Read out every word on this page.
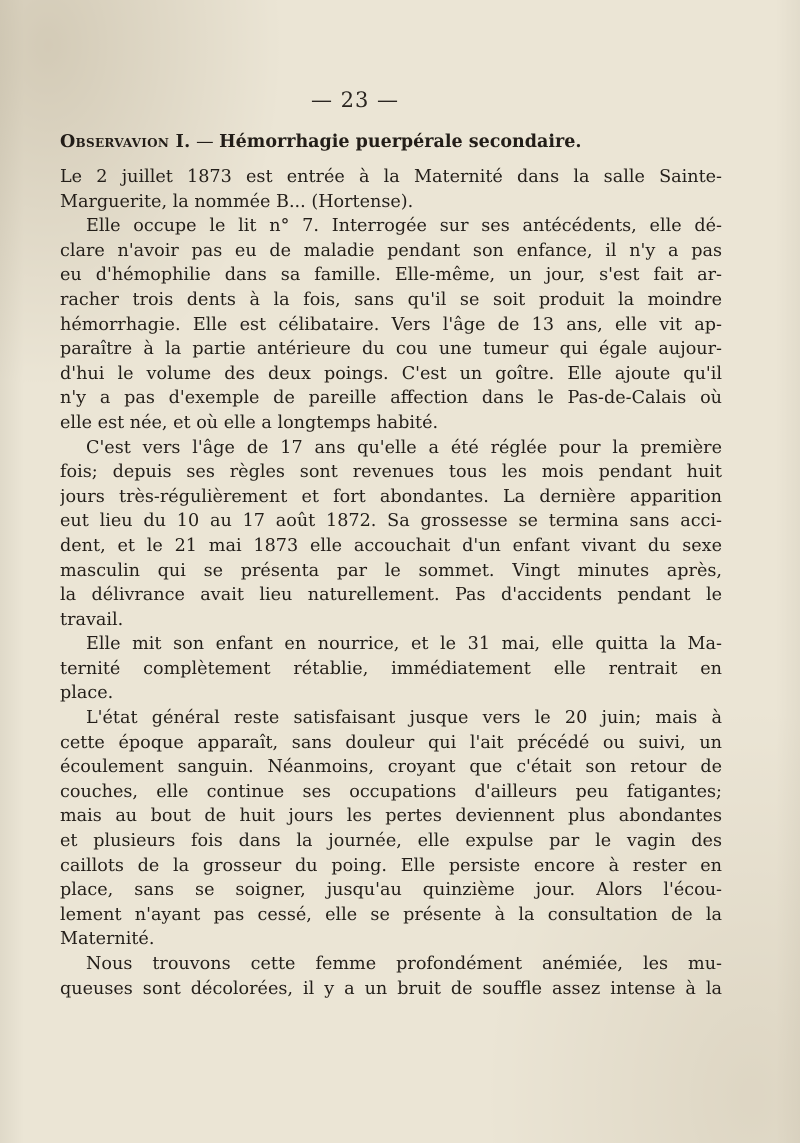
— 23 —
Observavion I. — Hémorrhagie puerpérale secondaire.
Le 2 juillet 1873 est entrée à la Maternité dans la salle Sainte-
Marguerite, la nommée B... (Hortense).
Elle occupe le lit n° 7. Interrogée sur ses antécédents, elle dé-
clare n'avoir pas eu de maladie pendant son enfance, il n'y a pas
eu d'hémophilie dans sa famille. Elle-même, un jour, s'est fait ar-
racher trois dents à la fois, sans qu'il se soit produit la moindre
hémorrhagie. Elle est célibataire. Vers l'âge de 13 ans, elle vit ap-
paraître à la partie antérieure du cou une tumeur qui égale aujour-
d'hui le volume des deux poings. C'est un goître. Elle ajoute qu'il
n'y a pas d'exemple de pareille affection dans le Pas-de-Calais où
elle est née, et où elle a longtemps habité.
C'est vers l'âge de 17 ans qu'elle a été réglée pour la première
fois; depuis ses règles sont revenues tous les mois pendant huit
jours très-régulièrement et fort abondantes. La dernière apparition
eut lieu du 10 au 17 août 1872. Sa grossesse se termina sans acci-
dent, et le 21 mai 1873 elle accouchait d'un enfant vivant du sexe
masculin qui se présenta par le sommet. Vingt minutes après,
la délivrance avait lieu naturellement. Pas d'accidents pendant le
travail.
Elle mit son enfant en nourrice, et le 31 mai, elle quitta la Ma-
ternité complètement rétablie, immédiatement elle rentrait en
place.
L'état général reste satisfaisant jusque vers le 20 juin; mais à
cette époque apparaît, sans douleur qui l'ait précédé ou suivi, un
écoulement sanguin. Néanmoins, croyant que c'était son retour de
couches, elle continue ses occupations d'ailleurs peu fatigantes;
mais au bout de huit jours les pertes deviennent plus abondantes
et plusieurs fois dans la journée, elle expulse par le vagin des
caillots de la grosseur du poing. Elle persiste encore à rester en
place, sans se soigner, jusqu'au quinzième jour. Alors l'écou-
lement n'ayant pas cessé, elle se présente à la consultation de la
Maternité.
Nous trouvons cette femme profondément anémiée, les mu-
queuses sont décolorées, il y a un bruit de souffle assez intense à la
